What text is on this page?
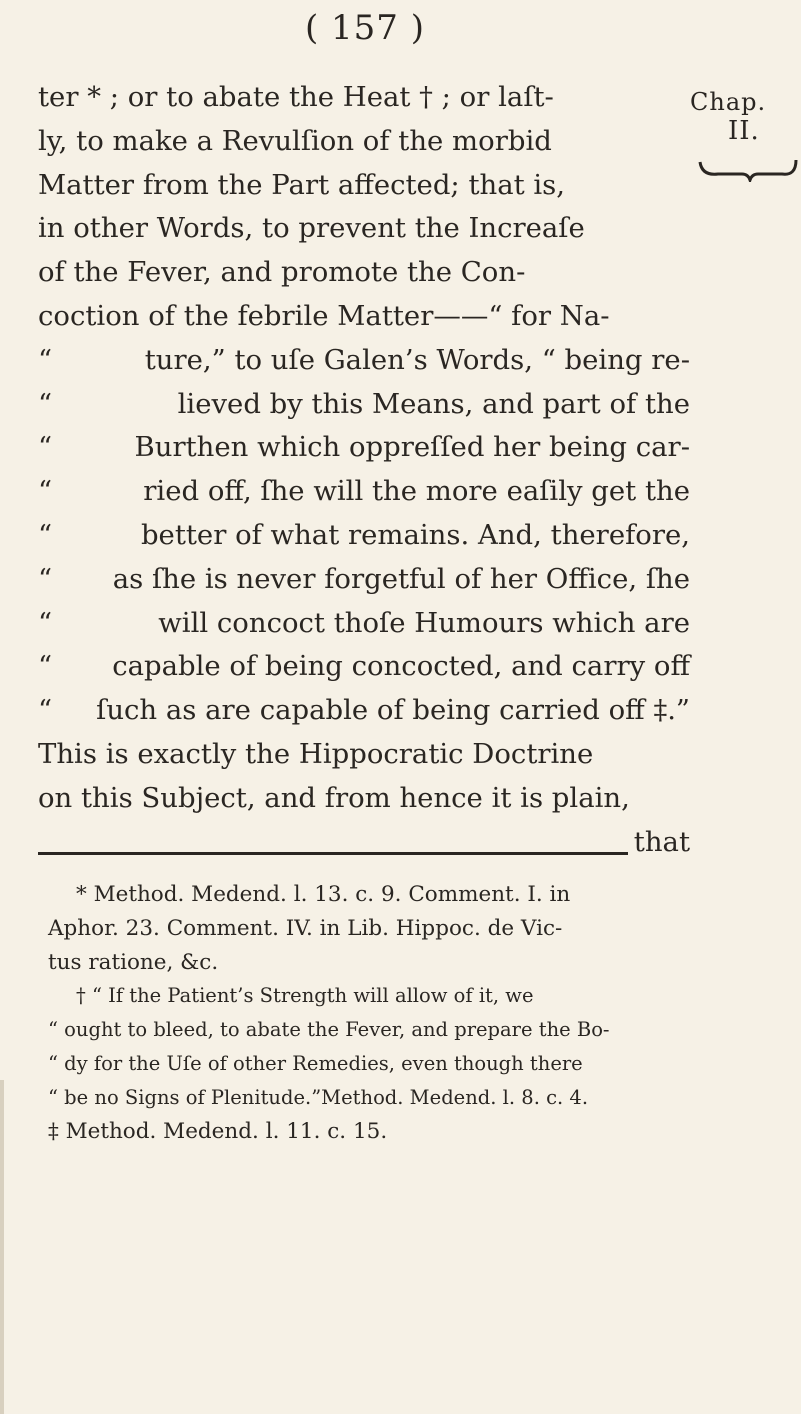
( 157 )
Chap.
II.
ter * ; or to abate the Heat † ; or laſt-
ly, to make a Revulſion of the morbid
Matter from the Part affected; that is,
in other Words, to prevent the Increaſe
of the Fever, and promote the Con-
coction of the febrile Matter——“ for Na-
“	ture,” to uſe Galen’s Words, “ being re-
“	lieved by this Means, and part of the
“	Burthen which oppreſſed her being car-
“	ried off, ſhe will the more eaſily get the
“	better of what remains. And, therefore,
“	as ſhe is never forgetful of her Office, ſhe
“	will concoct thoſe Humours which are
“	capable of being concocted, and carry off
“	ſuch as are capable of being carried off ‡.”
This is exactly the Hippocratic Doctrine
on this Subject, and from hence it is plain,
that
* Method. Medend. l. 13. c. 9. Comment. I. in
Aphor. 23. Comment. IV. in Lib. Hippoc. de Vic-
tus ratione, &c.
† “ If the Patient’s Strength will allow of it, we
“ ought to bleed, to abate the Fever, and prepare the Bo-
“ dy for the Uſe of other Remedies, even though there
“ be no Signs of Plenitude.”Method. Medend. l. 8. c. 4.
‡ Method. Medend. l. 11. c. 15.
